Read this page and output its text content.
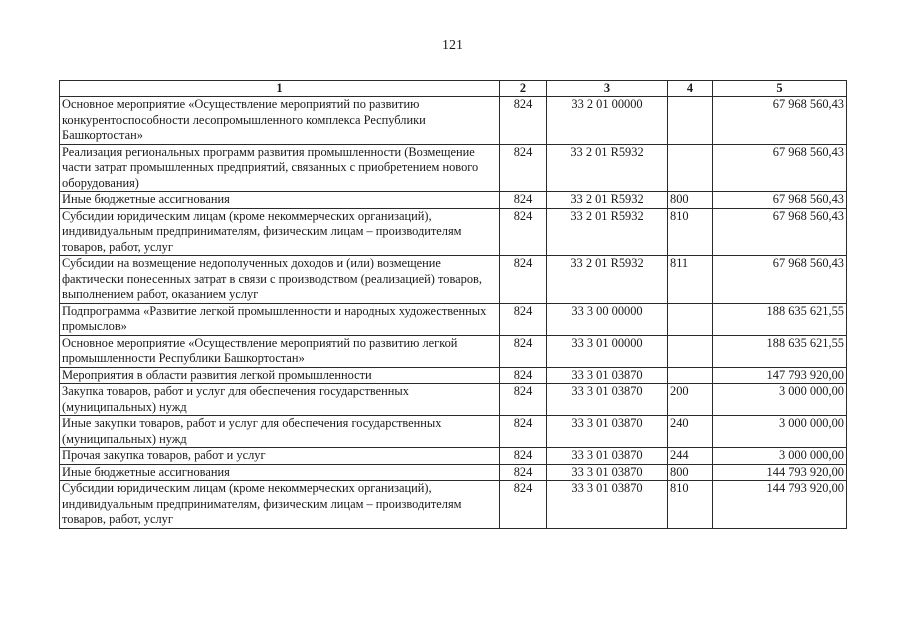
121
1	2	3	4	5
Основное мероприятие «Осуществление мероприятий по развитию конкурентоспособности лесопромышленного комплекса Республики Башкортостан»	824	33 2 01 00000		67 968 560,43
Реализация региональных программ развития промышленности (Возмещение части затрат промышленных предприятий, связанных с приобретением нового оборудования)	824	33 2 01 R5932		67 968 560,43
Иные бюджетные ассигнования	824	33 2 01 R5932	800	67 968 560,43
Субсидии юридическим лицам (кроме некоммерческих организаций), индивидуальным предпринимателям, физическим лицам – производителям товаров, работ, услуг	824	33 2 01 R5932	810	67 968 560,43
Субсидии на возмещение недополученных доходов и (или) возмещение фактически понесенных затрат в связи с производством (реализацией) товаров, выполнением работ, оказанием услуг	824	33 2 01 R5932	811	67 968 560,43
Подпрограмма «Развитие легкой промышленности и народных художественных промыслов»	824	33 3 00 00000		188 635 621,55
Основное мероприятие «Осуществление мероприятий по развитию легкой промышленности Республики Башкортостан»	824	33 3 01 00000		188 635 621,55
Мероприятия в области развития легкой промышленности	824	33 3 01 03870		147 793 920,00
Закупка товаров, работ и услуг для обеспечения государственных (муниципальных) нужд	824	33 3 01 03870	200	3 000 000,00
Иные закупки товаров, работ и услуг для обеспечения государственных (муниципальных) нужд	824	33 3 01 03870	240	3 000 000,00
Прочая закупка товаров, работ и услуг	824	33 3 01 03870	244	3 000 000,00
Иные бюджетные ассигнования	824	33 3 01 03870	800	144 793 920,00
Субсидии юридическим лицам (кроме некоммерческих организаций), индивидуальным предпринимателям, физическим лицам – производителям товаров, работ, услуг	824	33 3 01 03870	810	144 793 920,00
